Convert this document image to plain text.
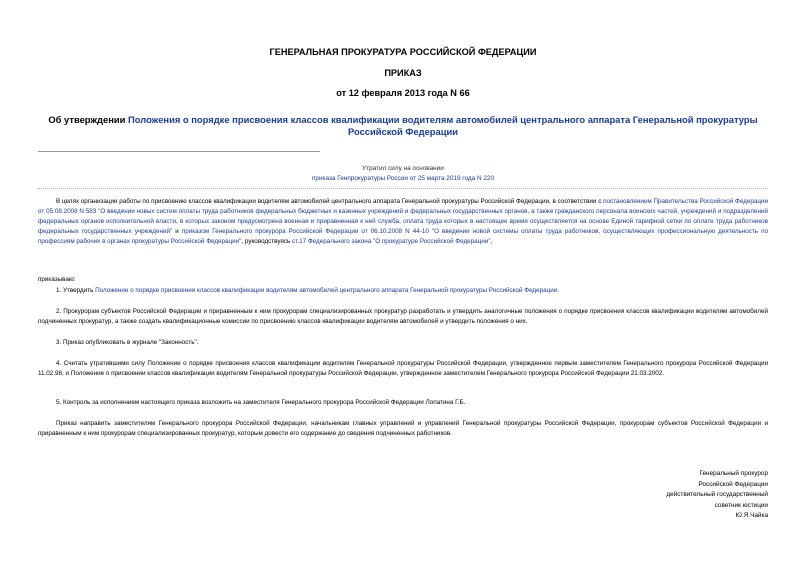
ГЕНЕРАЛЬНАЯ ПРОКУРАТУРА РОССИЙСКОЙ ФЕДЕРАЦИИ
ПРИКАЗ
от 12 февраля 2013 года N 66
Об утверждении Положения о порядке присвоения классов квалификации водителям автомобилей центрального аппарата Генеральной прокуратуры Российской Федерации
Утратил силу на основании
приказа Генпрокуратуры России от 25 марта 2019 года N 220
В целях организации работы по присвоению классов квалификации водителям автомобилей центрального аппарата Генеральной прокуратуры Российской Федерации, в соответствии с постановлением Правительства Российской Федерации от 05.08.2008 N 583 "О введении новых систем оплаты труда работников федеральных бюджетных и казенных учреждений и федеральных государственных органов, а также гражданского персонала воинских частей, учреждений и подразделений федеральных органов исполнительной власти, в которых законом предусмотрена военная и приравненная к ней служба, оплата труда которых в настоящее время осуществляется на основе Единой тарифной сетки по оплате труда работников федеральных государственных учреждений" и приказом Генерального прокурора Российской Федерации от 06.10.2008 N 44-10 "О введении новой системы оплаты труда работников, осуществляющих профессиональную деятельность по профессиям рабочих в органах прокуратуры Российской Федерации", руководствуясь ст.17 Федерального закона "О прокуратуре Российской Федерации",
приказываю:
1. Утвердить Положение о порядке присвоения классов квалификации водителям автомобилей центрального аппарата Генеральной прокуратуры Российской Федерации.
2. Прокурорам субъектов Российской Федерации и приравненным к ним прокурорам специализированных прокуратур разработать и утвердить аналогичные положения о порядке присвоения классов квалификации водителям автомобилей подчиненных прокуратур, а также создать квалификационные комиссии по присвоению классов квалификации водителям автомобилей и утвердить положения о них.
3. Приказ опубликовать в журнале "Законность".
4. Считать утратившими силу Положение о порядке присвоения классов квалификации водителям Генеральной прокуратуры Российской Федерации, утвержденное первым заместителем Генерального прокурора Российской Федерации 11.02.98, и Положение о присвоении классов квалификации водителям Генеральной прокуратуры Российской Федерации, утвержденное заместителем Генерального прокурора Российской Федерации 21.03.2002.
5. Контроль за исполнением настоящего приказа возложить на заместителя Генерального прокурора Российской Федерации Лопатина Г.Б.
Приказ направить заместителям Генерального прокурора Российской Федерации, начальникам главных управлений и управлений Генеральной прокуратуры Российской Федерации, прокурорам субъектов Российской Федерации и приравненным к ним прокурорам специализированных прокуратур, которым довести его содержание до сведения подчиненных работников.
Генеральный прокурор
Российской Федерации
действительный государственный
советник юстиции
Ю.Я.Чайка
